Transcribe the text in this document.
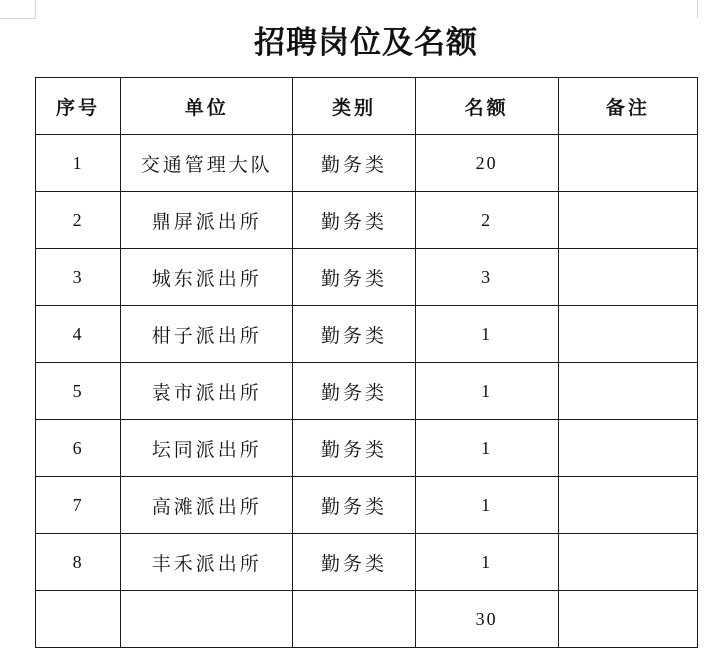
招聘岗位及名额
序号	单位	类别	名额	备注
1	交通管理大队	勤务类	20	
2	鼎屏派出所	勤务类	2	
3	城东派出所	勤务类	3	
4	柑子派出所	勤务类	1	
5	袁市派出所	勤务类	1	
6	坛同派出所	勤务类	1	
7	高滩派出所	勤务类	1	
8	丰禾派出所	勤务类	1	
			30	
